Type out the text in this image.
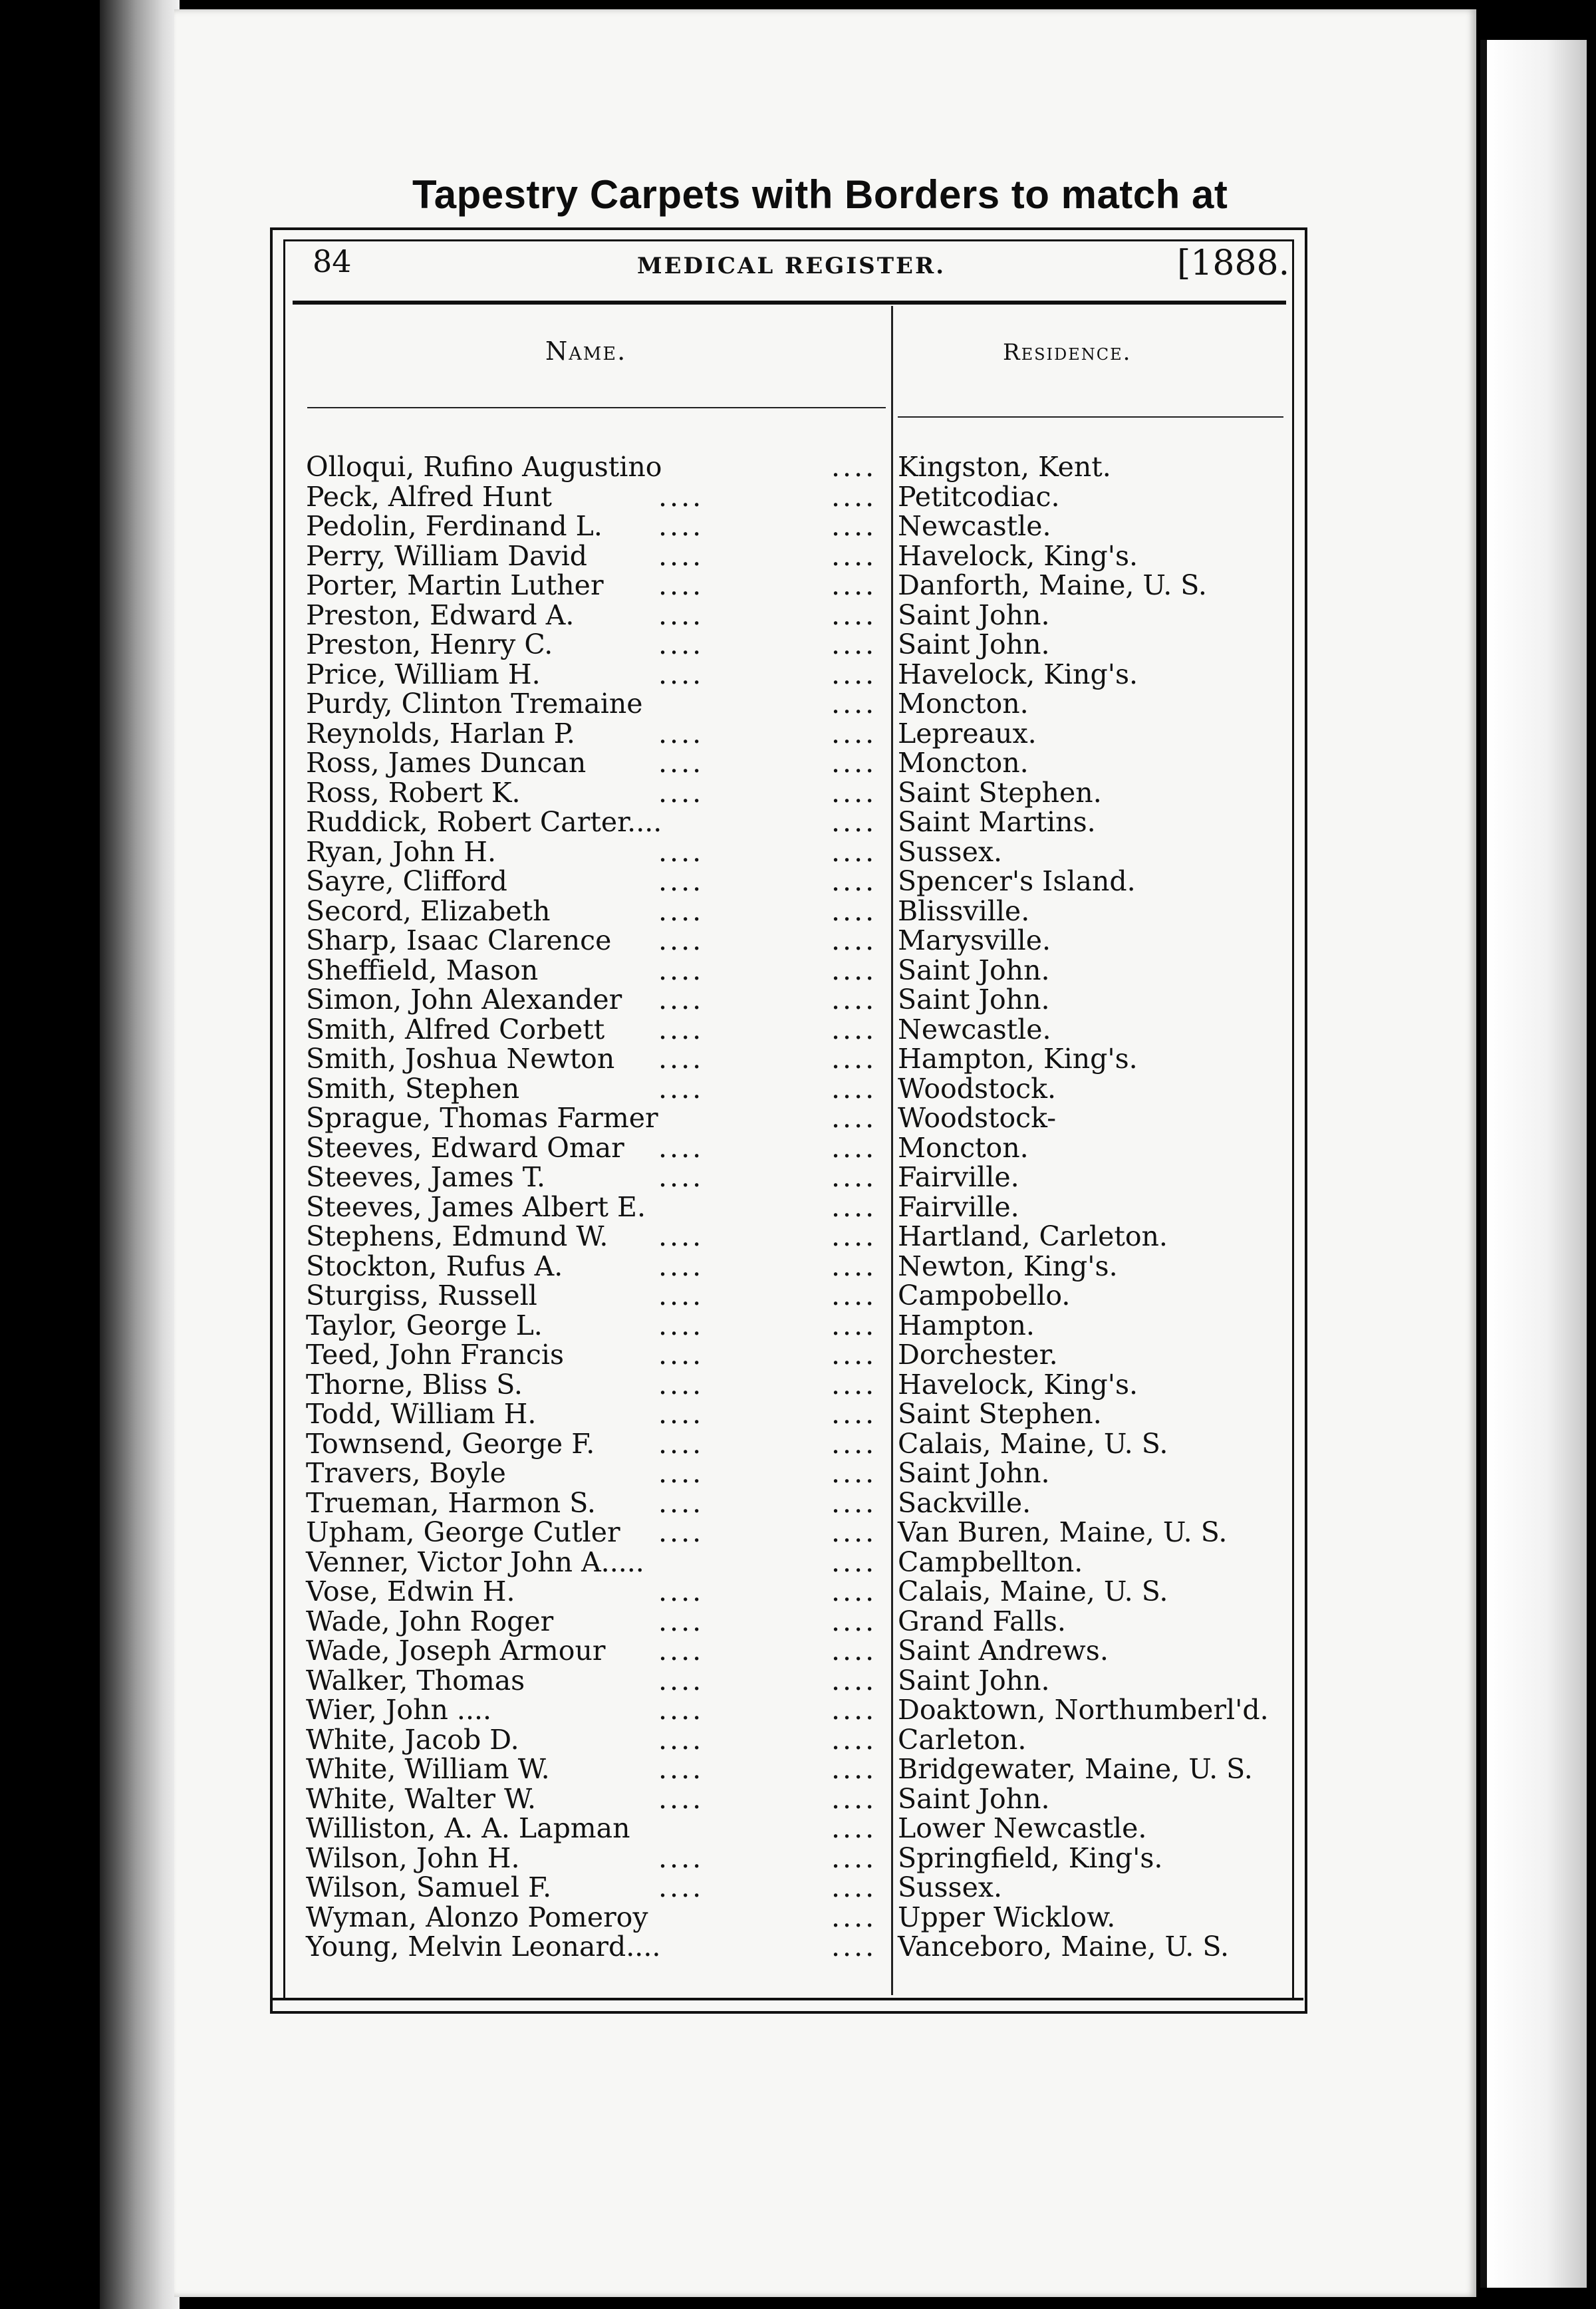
Tapestry Carpets with Borders to match at
84	MEDICAL REGISTER.	[1888.
Name.	Residence.
Olloqui, Rufino Augustino	.... Kingston, Kent.
Peck, Alfred Hunt	....	.... Petitcodiac.
Pedolin, Ferdinand L. ....	.... Newcastle.
Perry, William David	....	.... Havelock, King's.
Porter, Martin Luther ....	.... Danforth, Maine, U. S.
Preston, Edward A.	....	.... Saint John.
Preston, Henry C.	....	.... Saint John.
Price, William H.	....	.... Havelock, King's.
Purdy, Clinton Tremaine	.... Moncton.
Reynolds, Harlan P.	....	.... Lepreaux.
Ross, James Duncan	....	.... Moncton.
Ross, Robert K.	....	.... Saint Stephen.
Ruddick, Robert Carter....	.... Saint Martins.
Ryan, John H.	....	.... Sussex.
Sayre, Clifford	....	.... Spencer's Island.
Secord, Elizabeth	....	.... Blissville.
Sharp, Isaac Clarence ....	.... Marysville.
Sheffield, Mason	....	.... Saint John.
Simon, John Alexander ....	.... Saint John.
Smith, Alfred Corbett ....	.... Newcastle.
Smith, Joshua Newton ....	.... Hampton, King's.
Smith, Stephen	....	.... Woodstock.
Sprague, Thomas Farmer	.... Woodstock-
Steeves, Edward Omar ....	.... Moncton.
Steeves, James T.	....	.... Fairville.
Steeves, James Albert E.	.... Fairville.
Stephens, Edmund W. ....	.... Hartland, Carleton.
Stockton, Rufus A.	....	.... Newton, King's.
Sturgiss, Russell	....	.... Campobello.
Taylor, George L.	....	.... Hampton.
Teed, John Francis	....	.... Dorchester.
Thorne, Bliss S.	....	.... Havelock, King's.
Todd, William H.	....	.... Saint Stephen.
Townsend, George F. ....	.... Calais, Maine, U. S.
Travers, Boyle	....	.... Saint John.
Trueman, Harmon S. ....	.... Sackville.
Upham, George Cutler ....	.... Van Buren, Maine, U. S.
Venner, Victor John A.....	.... Campbellton.
Vose, Edwin H.	....	.... Calais, Maine, U. S.
Wade, John Roger	....	.... Grand Falls.
Wade, Joseph Armour ....	.... Saint Andrews.
Walker, Thomas	....	.... Saint John.
Wier, John ....	....	.... Doaktown, Northumberl'd.
White, Jacob D.	....	.... Carleton.
White, William W.	....	.... Bridgewater, Maine, U. S.
White, Walter W.	....	.... Saint John.
Williston, A. A. Lapman	.... Lower Newcastle.
Wilson, John H.	....	.... Springfield, King's.
Wilson, Samuel F.	....	.... Sussex.
Wyman, Alonzo Pomeroy	.... Upper Wicklow.
Young, Melvin Leonard....	.... Vanceboro, Maine, U. S.
